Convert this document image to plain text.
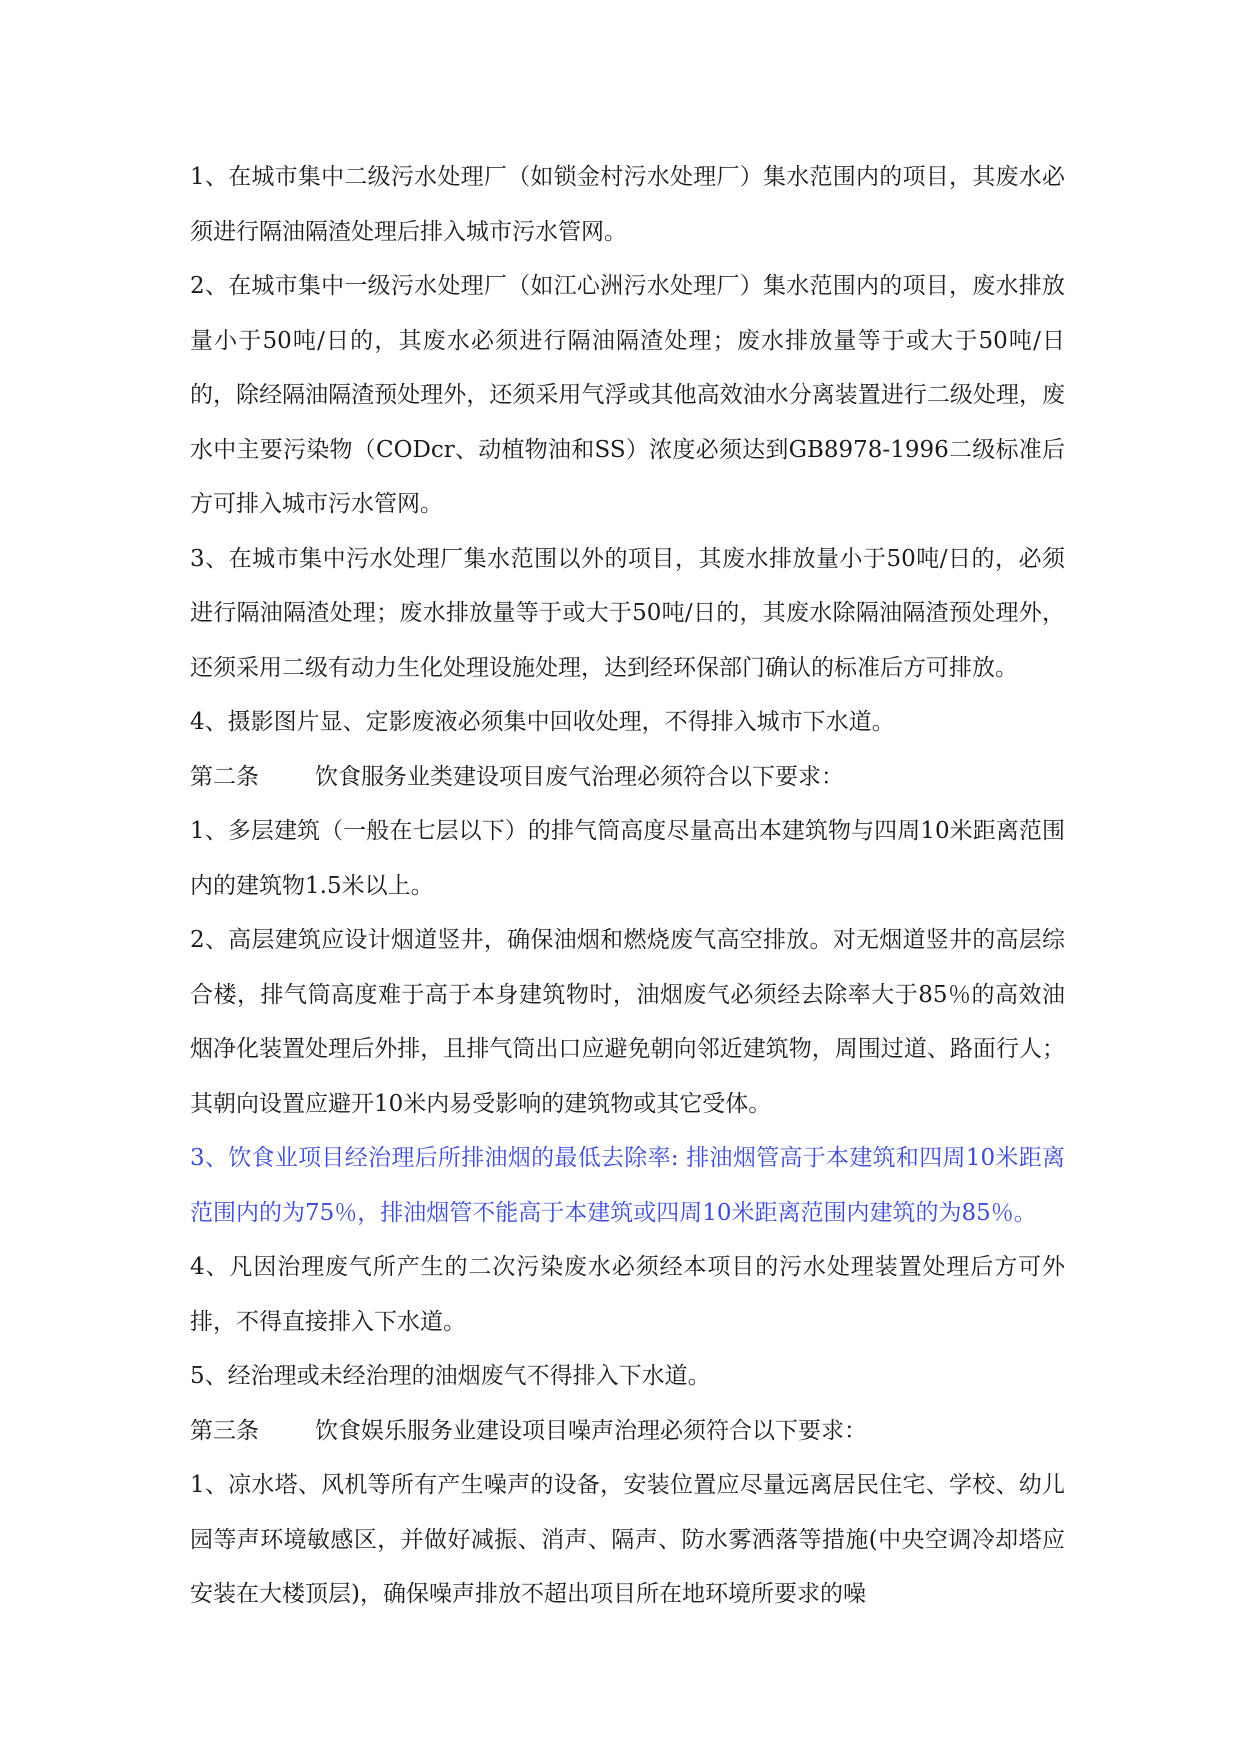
1、在城市集中二级污水处理厂（如锁金村污水处理厂）集水范围内的项目，其废水必须进行隔油隔渣处理后排入城市污水管网。

2、在城市集中一级污水处理厂（如江心洲污水处理厂）集水范围内的项目，废水排放量小于50吨/日的，其废水必须进行隔油隔渣处理；废水排放量等于或大于50吨/日的，除经隔油隔渣预处理外，还须采用气浮或其他高效油水分离装置进行二级处理，废水中主要污染物（CODcr、动植物油和SS）浓度必须达到GB8978-1996二级标准后方可排入城市污水管网。

3、在城市集中污水处理厂集水范围以外的项目，其废水排放量小于50吨/日的，必须进行隔油隔渣处理；废水排放量等于或大于50吨/日的，其废水除隔油隔渣预处理外，还须采用二级有动力生化处理设施处理，达到经环保部门确认的标准后方可排放。

4、摄影图片显、定影废液必须集中回收处理，不得排入城市下水道。

第二条 饮食服务业类建设项目废气治理必须符合以下要求：

1、多层建筑（一般在七层以下）的排气筒高度尽量高出本建筑物与四周10米距离范围内的建筑物1.5米以上。

2、高层建筑应设计烟道竖井，确保油烟和燃烧废气高空排放。对无烟道竖井的高层综合楼，排气筒高度难于高于本身建筑物时，油烟废气必须经去除率大于85％的高效油烟净化装置处理后外排，且排气筒出口应避免朝向邻近建筑物，周围过道、路面行人；其朝向设置应避开10米内易受影响的建筑物或其它受体。

3、饮食业项目经治理后所排油烟的最低去除率: 排油烟管高于本建筑和四周10米距离范围内的为75％，排油烟管不能高于本建筑或四周10米距离范围内建筑的为85％。

4、凡因治理废气所产生的二次污染废水必须经本项目的污水处理装置处理后方可外排，不得直接排入下水道。

5、经治理或未经治理的油烟废气不得排入下水道。

第三条 饮食娱乐服务业建设项目噪声治理必须符合以下要求：

1、凉水塔、风机等所有产生噪声的设备，安装位置应尽量远离居民住宅、学校、幼儿园等声环境敏感区，并做好减振、消声、隔声、防水雾洒落等措施(中央空调冷却塔应安装在大楼顶层)，确保噪声排放不超出项目所在地环境所要求的噪
